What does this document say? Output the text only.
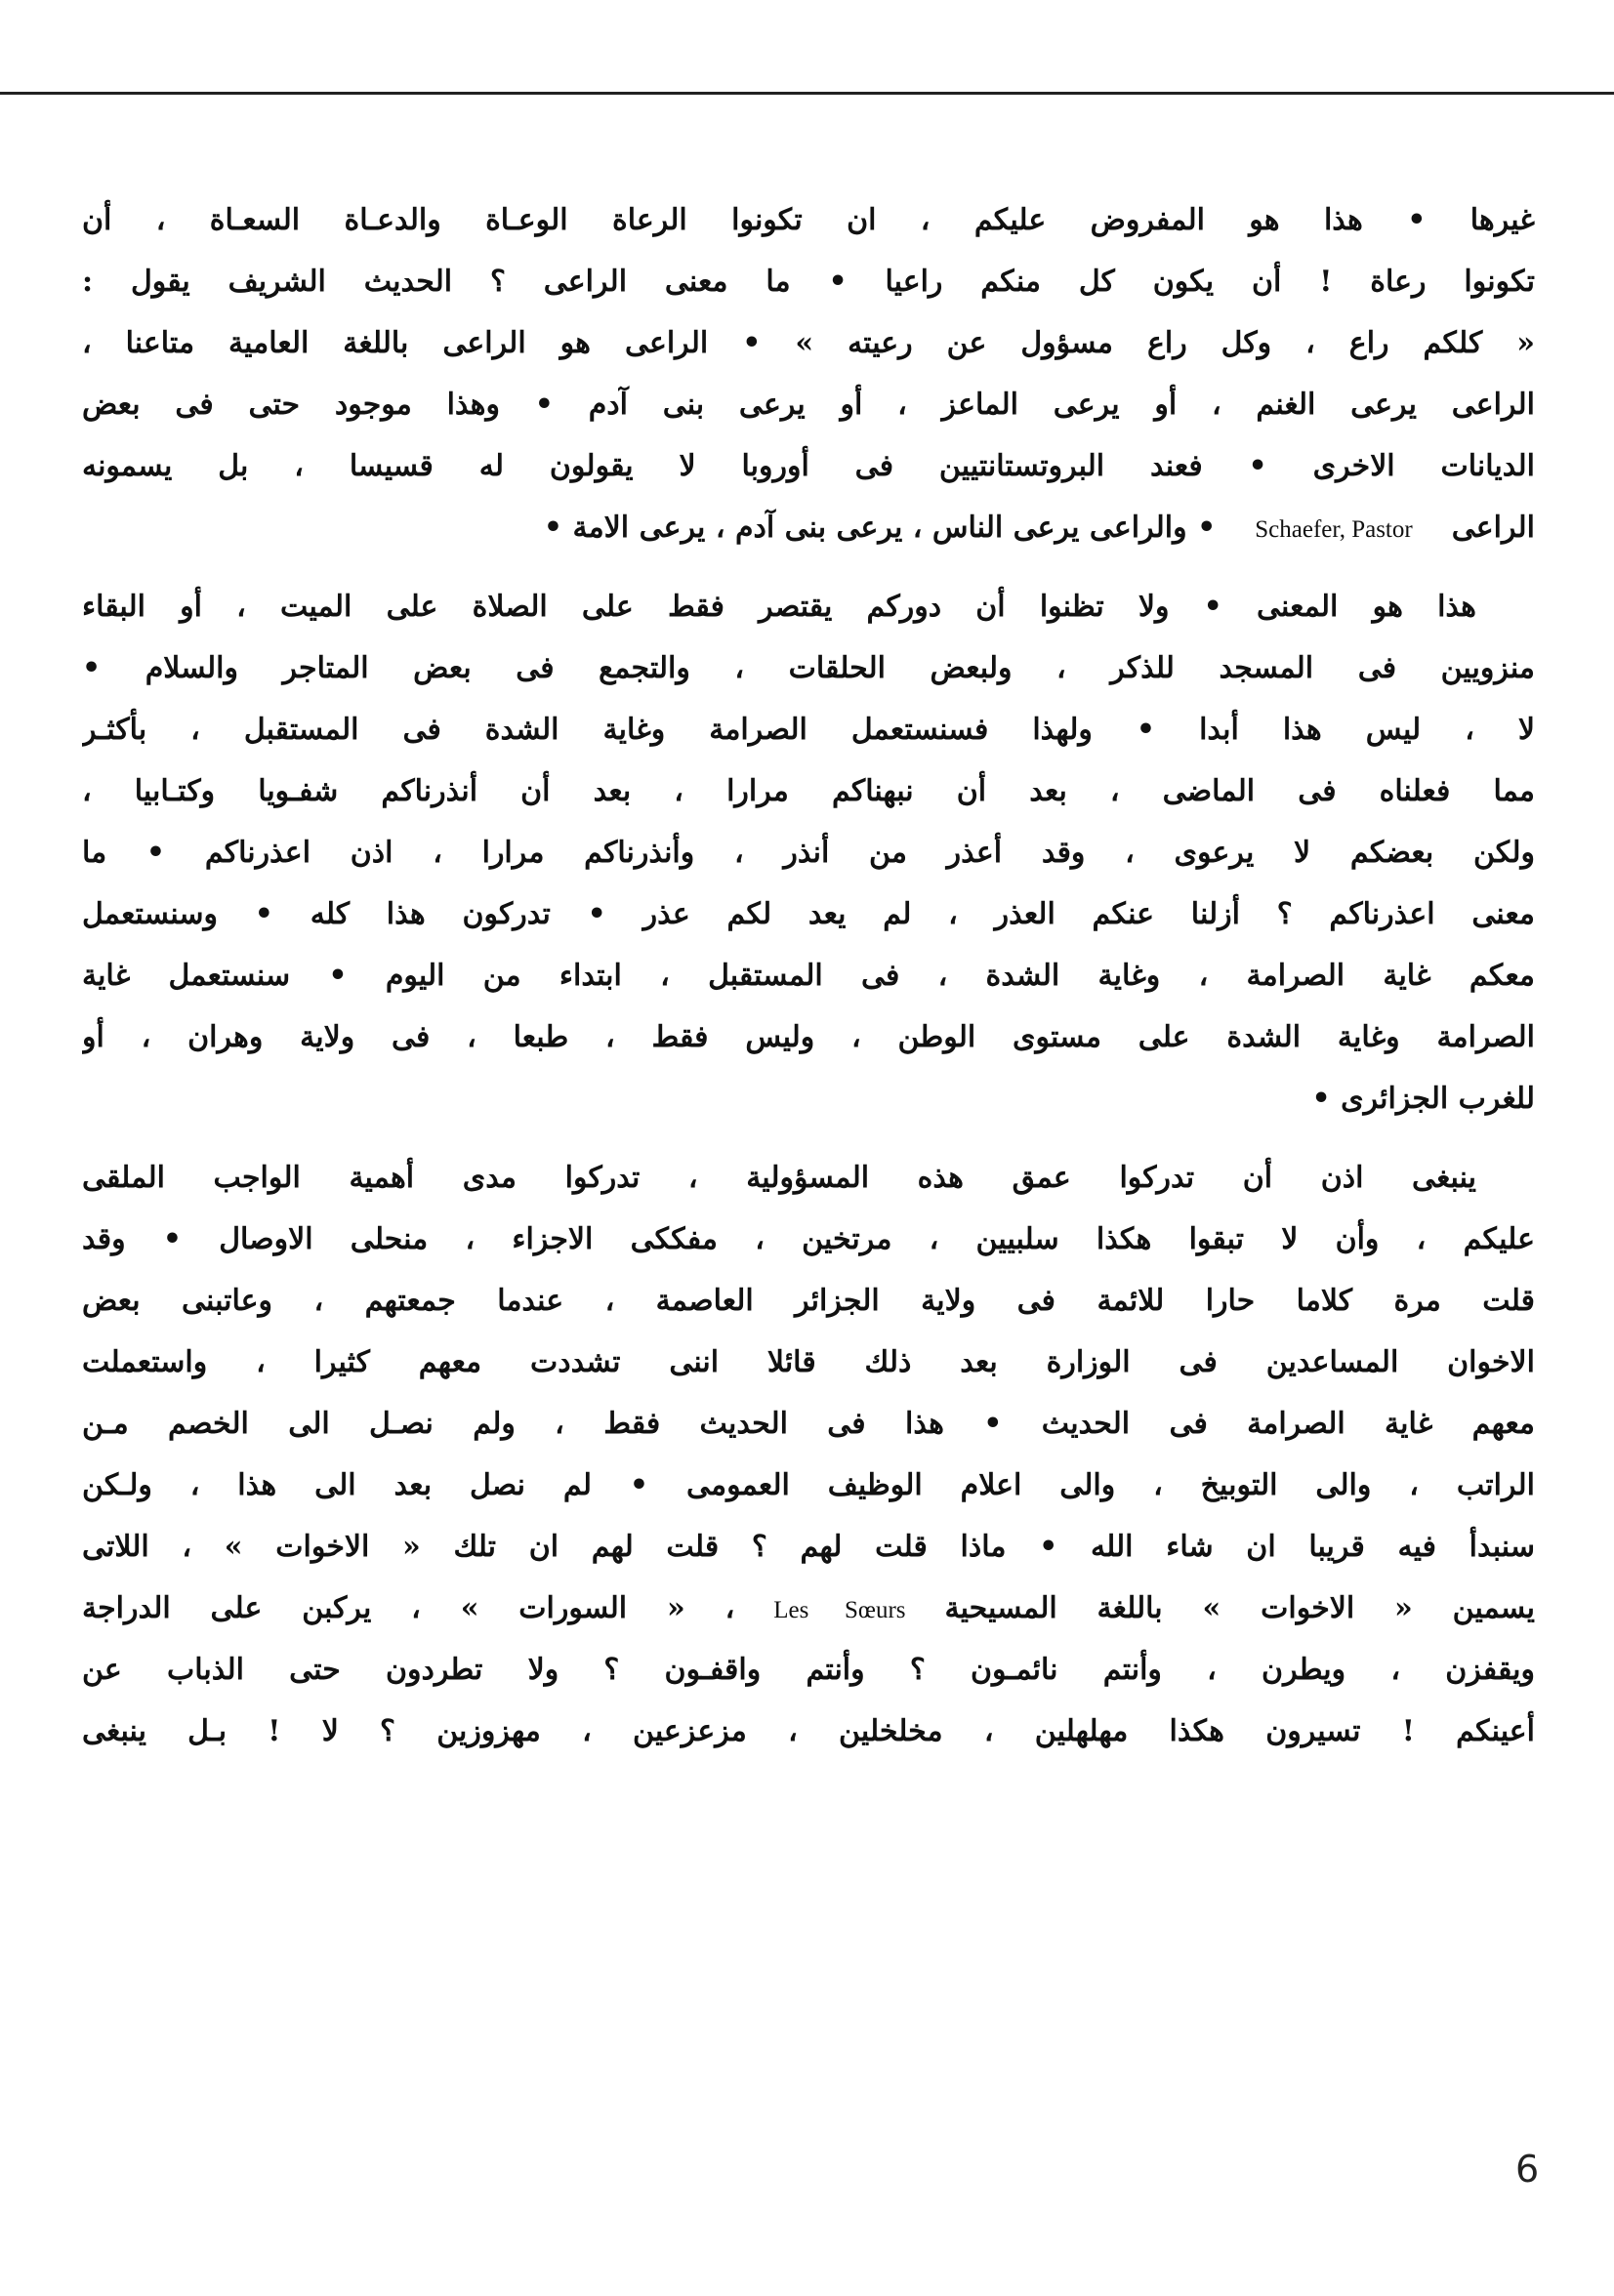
غيرها • هذا هو المفروض عليكم ، ان تكونوا الرعاة الوعـاة والدعـاة السعـاة ، أن
تكونوا رعاة ! أن يكون كل منكم راعيا • ما معنى الراعى ؟ الحديث الشريف يقول :
« كلكم راع ، وكل راع مسؤول عن رعيته » • الراعى هو الراعى باللغة العامية متاعنا ،
الراعى يرعى الغنم ، أو يرعى الماعز ، أو يرعى بنى آدم • وهذا موجود حتى فى بعض
الديانات الاخرى • فعند البروتستانتيين فى أوروبا لا يقولون له قسيسا ، بل يسمونه
الراعىSchaefer, Pastor• والراعى يرعى الناس ، يرعى بنى آدم ، يرعى الامة •
هذا هو المعنى • ولا تظنوا أن دوركم يقتصر فقط على الصلاة على الميت ، أو البقاء
منزويين فى المسجد للذكر ، ولبعض الحلقات ، والتجمع فى بعض المتاجر والسلام •
لا ، ليس هذا أبدا • ولهذا فسنستعمل الصرامة وغاية الشدة فى المستقبل ، بأكثـر
مما فعلناه فى الماضى ، بعد أن نبهناكم مرارا ، بعد أن أنذرناكم شفـويا وكتـابيا ،
ولكن بعضكم لا يرعوى ، وقد أعذر من أنذر ، وأنذرناكم مرارا ، اذن اعذرناكم • ما
معنى اعذرناكم ؟ أزلنا عنكم العذر ، لم يعد لكم عذر • تدركون هذا كله • وسنستعمل
معكم غاية الصرامة ، وغاية الشدة ، فى المستقبل ، ابتداء من اليوم • سنستعمل غاية
الصرامة وغاية الشدة على مستوى الوطن ، وليس فقط ، طبعا ، فى ولاية وهران ، أو
للغرب الجزائرى •
ينبغى اذن أن تدركوا عمق هذه المسؤولية ، تدركوا مدى أهمية الواجب الملقى
عليكم ، وأن لا تبقوا هكذا سلبيين ، مرتخين ، مفككى الاجزاء ، منحلى الاوصال • وقد
قلت مرة كلاما حارا للائمة فى ولاية الجزائر العاصمة ، عندما جمعتهم ، وعاتبنى بعض
الاخوان المساعدين فى الوزارة بعد ذلك قائلا اننى تشددت معهم كثيرا ، واستعملت
معهم غاية الصرامة فى الحديث • هذا فى الحديث فقط ، ولم نصـل الى الخصم مـن
الراتب ، والى التوبيخ ، والى اعلام الوظيف العمومى • لم نصل بعد الى هذا ، ولـكن
سنبدأ فيه قريبا ان شاء الله • ماذا قلت لهم ؟ قلت لهم ان تلك « الاخوات » ، اللاتى
يسمين « الاخوات » باللغة المسيحيةLes Sœurs، « السورات » ، يركبن على الدراجة
ويقفزن ، ويطرن ، وأنتم نائمـون ؟ وأنتم واقفـون ؟ ولا تطردون حتى الذباب عن
أعينكم ! تسيرون هكذا مهلهلين ، مخلخلين ، مزعزعين ، مهزوزين ؟ لا ! بـل ينبغى
6
